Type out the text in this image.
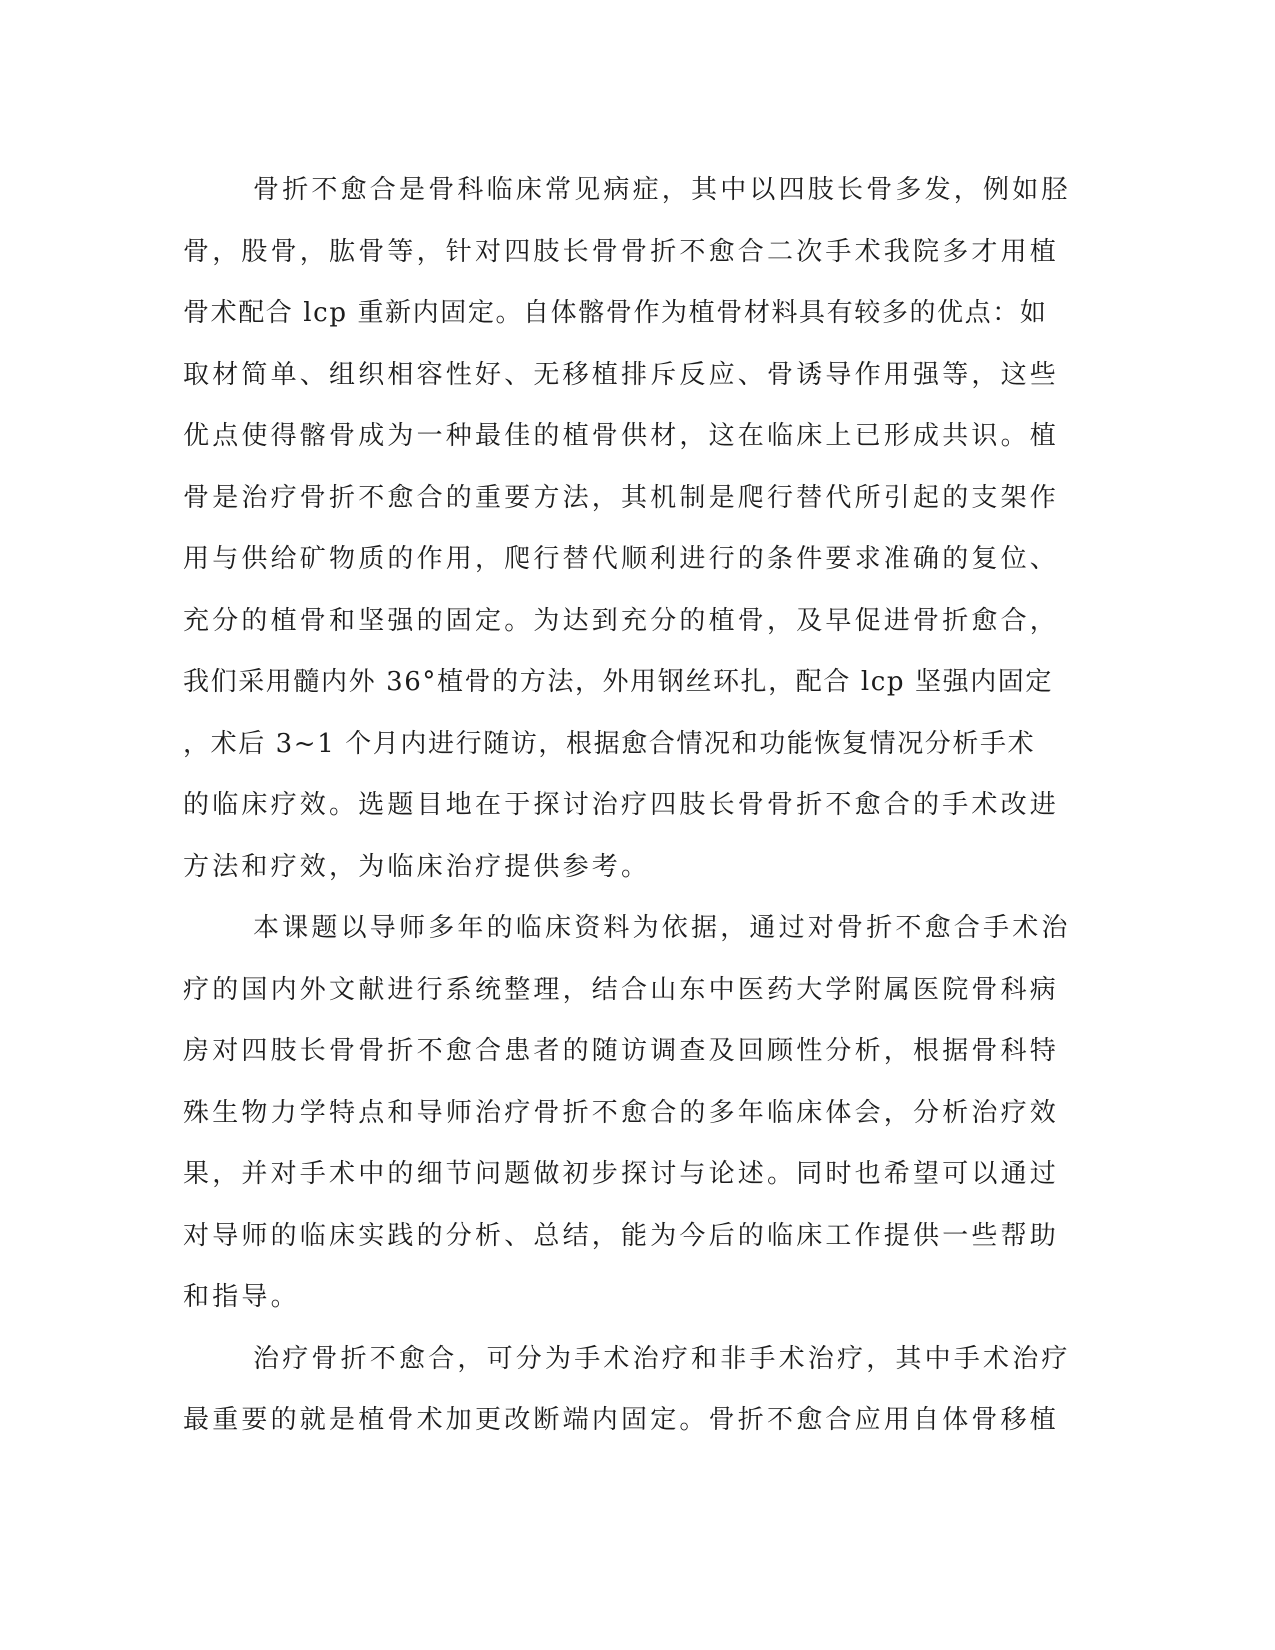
骨折不愈合是骨科临床常见病症，其中以四肢长骨多发，例如胫
骨，股骨，肱骨等，针对四肢长骨骨折不愈合二次手术我院多才用植
骨术配合 lcp 重新内固定。自体髂骨作为植骨材料具有较多的优点：如
取材简单、组织相容性好、无移植排斥反应、骨诱导作用强等，这些
优点使得髂骨成为一种最佳的植骨供材，这在临床上已形成共识。植
骨是治疗骨折不愈合的重要方法，其机制是爬行替代所引起的支架作
用与供给矿物质的作用，爬行替代顺利进行的条件要求准确的复位、
充分的植骨和坚强的固定。为达到充分的植骨，及早促进骨折愈合，
我们采用髓内外 36°植骨的方法，外用钢丝环扎，配合 lcp 坚强内固定
，术后 3~1 个月内进行随访，根据愈合情况和功能恢复情况分析手术
的临床疗效。选题目地在于探讨治疗四肢长骨骨折不愈合的手术改进
方法和疗效，为临床治疗提供参考。
本课题以导师多年的临床资料为依据，通过对骨折不愈合手术治
疗的国内外文献进行系统整理，结合山东中医药大学附属医院骨科病
房对四肢长骨骨折不愈合患者的随访调查及回顾性分析，根据骨科特
殊生物力学特点和导师治疗骨折不愈合的多年临床体会，分析治疗效
果，并对手术中的细节问题做初步探讨与论述。同时也希望可以通过
对导师的临床实践的分析、总结，能为今后的临床工作提供一些帮助
和指导。
治疗骨折不愈合，可分为手术治疗和非手术治疗，其中手术治疗
最重要的就是植骨术加更改断端内固定。骨折不愈合应用自体骨移植
